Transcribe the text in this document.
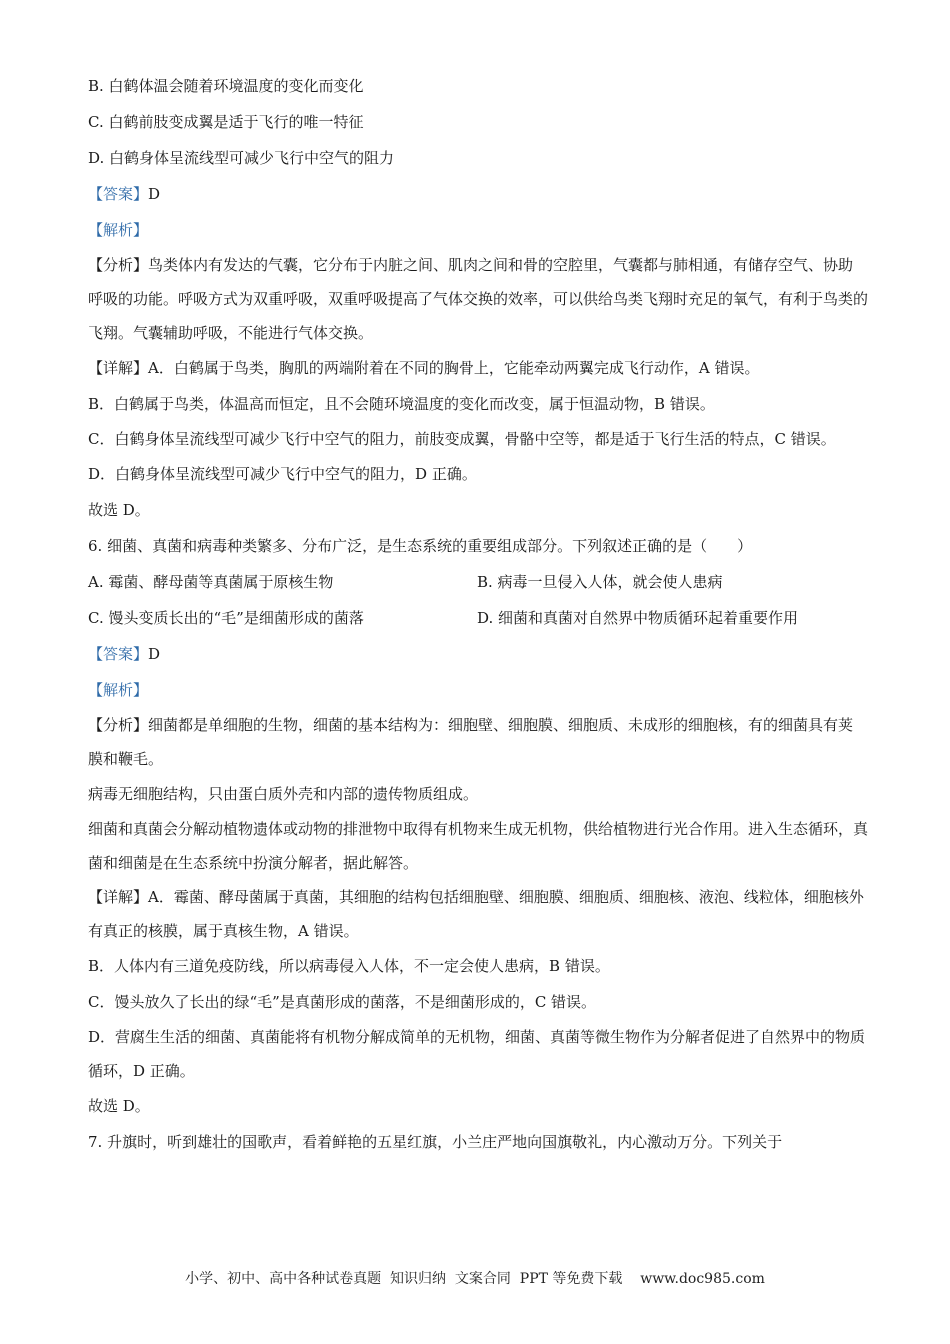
B. 白鹤体温会随着环境温度的变化而变化
C. 白鹤前肢变成翼是适于飞行的唯一特征
D. 白鹤身体呈流线型可减少飞行中空气的阻力
【答案】D
【解析】
【分析】鸟类体内有发达的气囊，它分布于内脏之间、肌肉之间和骨的空腔里，气囊都与肺相通，有储存空气、协助呼吸的功能。呼吸方式为双重呼吸，双重呼吸提高了气体交换的效率，可以供给鸟类飞翔时充足的氧气，有利于鸟类的飞翔。气囊辅助呼吸，不能进行气体交换。
【详解】A．白鹤属于鸟类，胸肌的两端附着在不同的胸骨上，它能牵动两翼完成飞行动作，A 错误。
B．白鹤属于鸟类，体温高而恒定，且不会随环境温度的变化而改变，属于恒温动物，B 错误。
C．白鹤身体呈流线型可减少飞行中空气的阻力，前肢变成翼，骨骼中空等，都是适于飞行生活的特点，C 错误。
D．白鹤身体呈流线型可减少飞行中空气的阻力，D 正确。
故选 D。
6. 细菌、真菌和病毒种类繁多、分布广泛，是生态系统的重要组成部分。下列叙述正确的是（　　）
A. 霉菌、酵母菌等真菌属于原核生物	B. 病毒一旦侵入人体，就会使人患病
C. 馒头变质长出的“毛”是细菌形成的菌落	D. 细菌和真菌对自然界中物质循环起着重要作用
【答案】D
【解析】
【分析】细菌都是单细胞的生物，细菌的基本结构为：细胞壁、细胞膜、细胞质、未成形的细胞核，有的细菌具有荚膜和鞭毛。
病毒无细胞结构，只由蛋白质外壳和内部的遗传物质组成。
细菌和真菌会分解动植物遗体或动物的排泄物中取得有机物来生成无机物，供给植物进行光合作用。进入生态循环，真菌和细菌是在生态系统中扮演分解者，据此解答。
【详解】A．霉菌、酵母菌属于真菌，其细胞的结构包括细胞壁、细胞膜、细胞质、细胞核、液泡、线粒体，细胞核外有真正的核膜，属于真核生物，A 错误。
B．人体内有三道免疫防线，所以病毒侵入人体，不一定会使人患病，B 错误。
C．馒头放久了长出的绿“毛”是真菌形成的菌落，不是细菌形成的，C 错误。
D．营腐生生活的细菌、真菌能将有机物分解成简单的无机物，细菌、真菌等微生物作为分解者促进了自然界中的物质循环，D 正确。
故选 D。
7. 升旗时，听到雄壮的国歌声，看着鲜艳的五星红旗，小兰庄严地向国旗敬礼，内心激动万分。下列关于
小学、初中、高中各种试卷真题  知识归纳  文案合同  PPT 等免费下载    www.doc985.com
